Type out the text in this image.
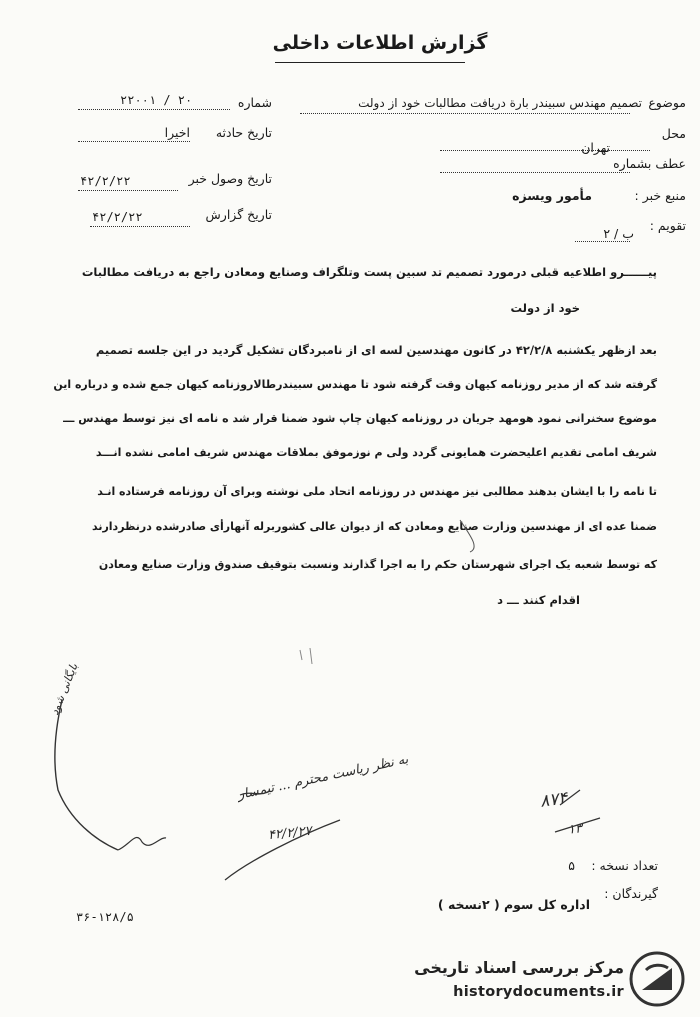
گزارش اطلاعات داخلی
موضوع
تصمیم مهندس سبیندر بارة دریافت مطالبات خود از دولت
محل
تهران
عطف بشماره
منبع خبر :
مأمور ویسزه
تقویم :
ب / ۲
شماره
۲۲۰۰۱ / ۲۰
تاریخ حادثه
اخیرا
تاریخ وصول خبر
۴۲/۲/۲۲
تاریخ گزارش
۴۲/۲/۲۲
پیــــــرو اطلاعیه قبلی درمورد تصمیم تد سبین پست وتلگراف وصنایع ومعادن راجع به دریافت مطالبات
خود از دولت
بعد ازظهر یکشنبه ۴۲/۲/۸ در کانون مهندسین لسه ای از نامبردگان تشکیل گردید در این جلسه تصمیم
گرفته شد که از مدیر روزنامه کیهان وقت گرفته شود تا مهندس سبیندرطالاروزنامه کیهان جمع شده و درباره این
موضوع سخنرانی نمود هومهد جریان در روزنامه کیهان چاپ شود ضمنا قرار شد ه نامه ای نیز توسط مهندس ـــ
شریف امامی تقدیم اعلیحضرت همایونی گردد ولی م نوزموفق بملاقات مهندس شریف امامی نشده انـــد
تا نامه را با ایشان بدهند مطالبی نیز مهندس در روزنامه اتحاد ملی نوشته وبرای آن روزنامه فرستاده انـد
ضمنا عده ای از مهندسین وزارت صنایع ومعادن که از دیوان عالی کشوربرله آنهارأی صادرشده درنظردارند
که توسط شعبه یک اجرای شهرستان حکم را به اجرا گذارند ونسبت بتوقیف صندوق وزارت صنایع ومعادن
اقدام کنند ـــ د
بایگانی شود
به نظر ریاست محترم ... تیمسار
۴۲/۲/۲۷
۸۷۴
۱۳
تعداد نسخه :
۵
گیرندگان :
اداره کل سوم ( ۲نسخه )
۳۶-۱۲۸/۵
مرکز بررسی اسناد تاریخی
historydocuments.ir
